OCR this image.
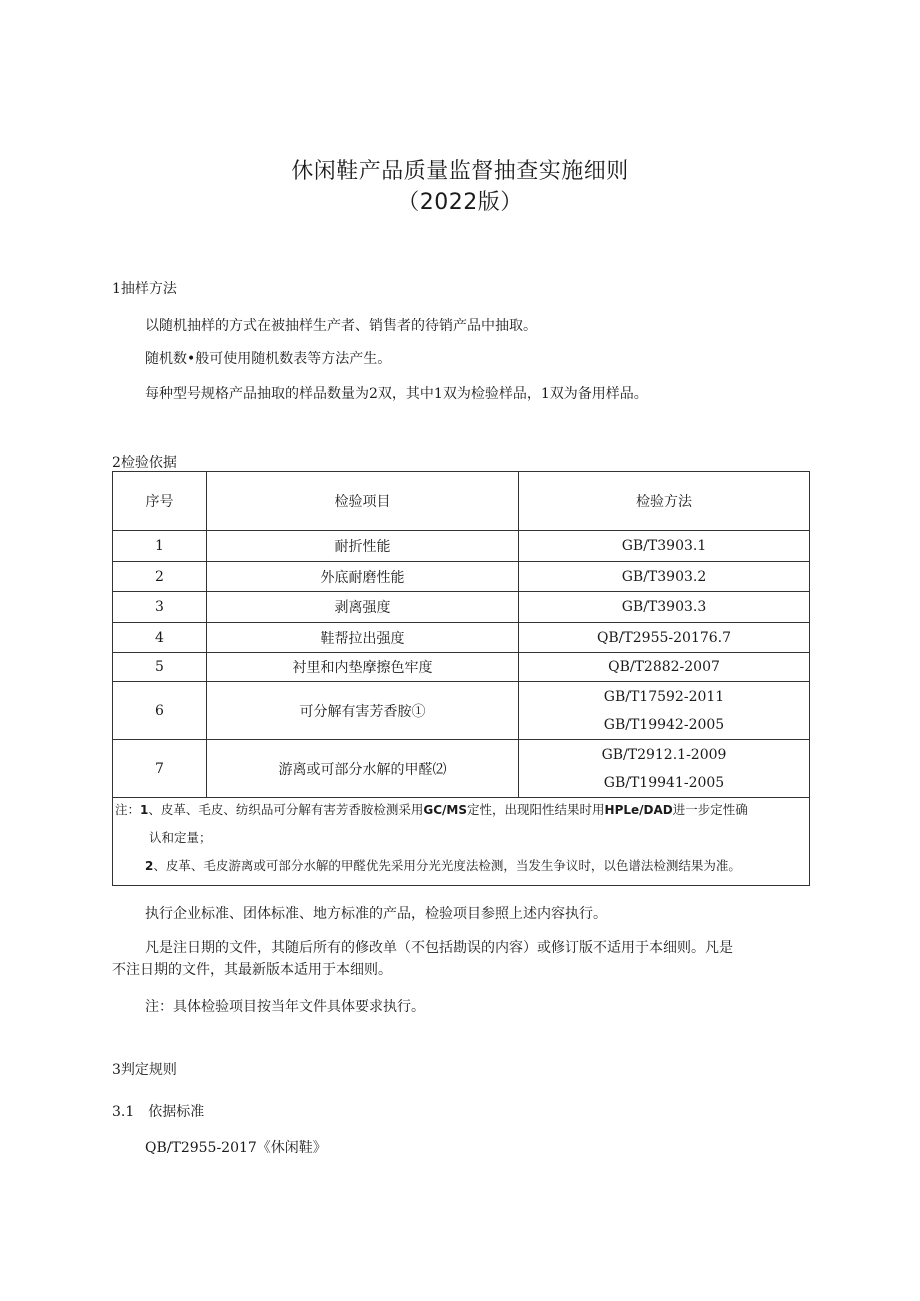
休闲鞋产品质量监督抽查实施细则
（2022版）
1抽样方法
以随机抽样的方式在被抽样生产者、销售者的待销产品中抽取。
随机数•般可使用随机数表等方法产生。
每种型号规格产品抽取的样品数量为2双，其中1双为检验样品，1双为备用样品。
2检验依据
序号	检验项目	检验方法
1	耐折性能	GB/T3903.1
2	外底耐磨性能	GB/T3903.2
3	剥离强度	GB/T3903.3
4	鞋帮拉出强度	QB/T2955-20176.7
5	衬里和内垫摩擦色牢度	QB/T2882-2007
6	可分解有害芳香胺①	GB/T17592-2011
GB/T19942-2005

7	游离或可部分水解的甲醛⑵	GB/T2912.1-2009
GB/T19941-2005

注：1、皮革、毛皮、纺织品可分解有害芳香胺检测采用GC/MS定性，出现阳性结果时用HPLe/DAD进一步定性确
认和定量；
2、皮革、毛皮游离或可部分水解的甲醛优先采用分光光度法检测，当发生争议时，以色谱法检测结果为准。		
执行企业标准、团体标准、地方标准的产品，检验项目参照上述内容执行。
凡是注日期的文件，其随后所有的修改单（不包括勘误的内容）或修订版不适用于本细则。凡是
不注日期的文件，其最新版本适用于本细则。
注：具体检验项目按当年文件具体要求执行。
3判定规则
3.1　依据标准
QB/T2955-2017《休闲鞋》
